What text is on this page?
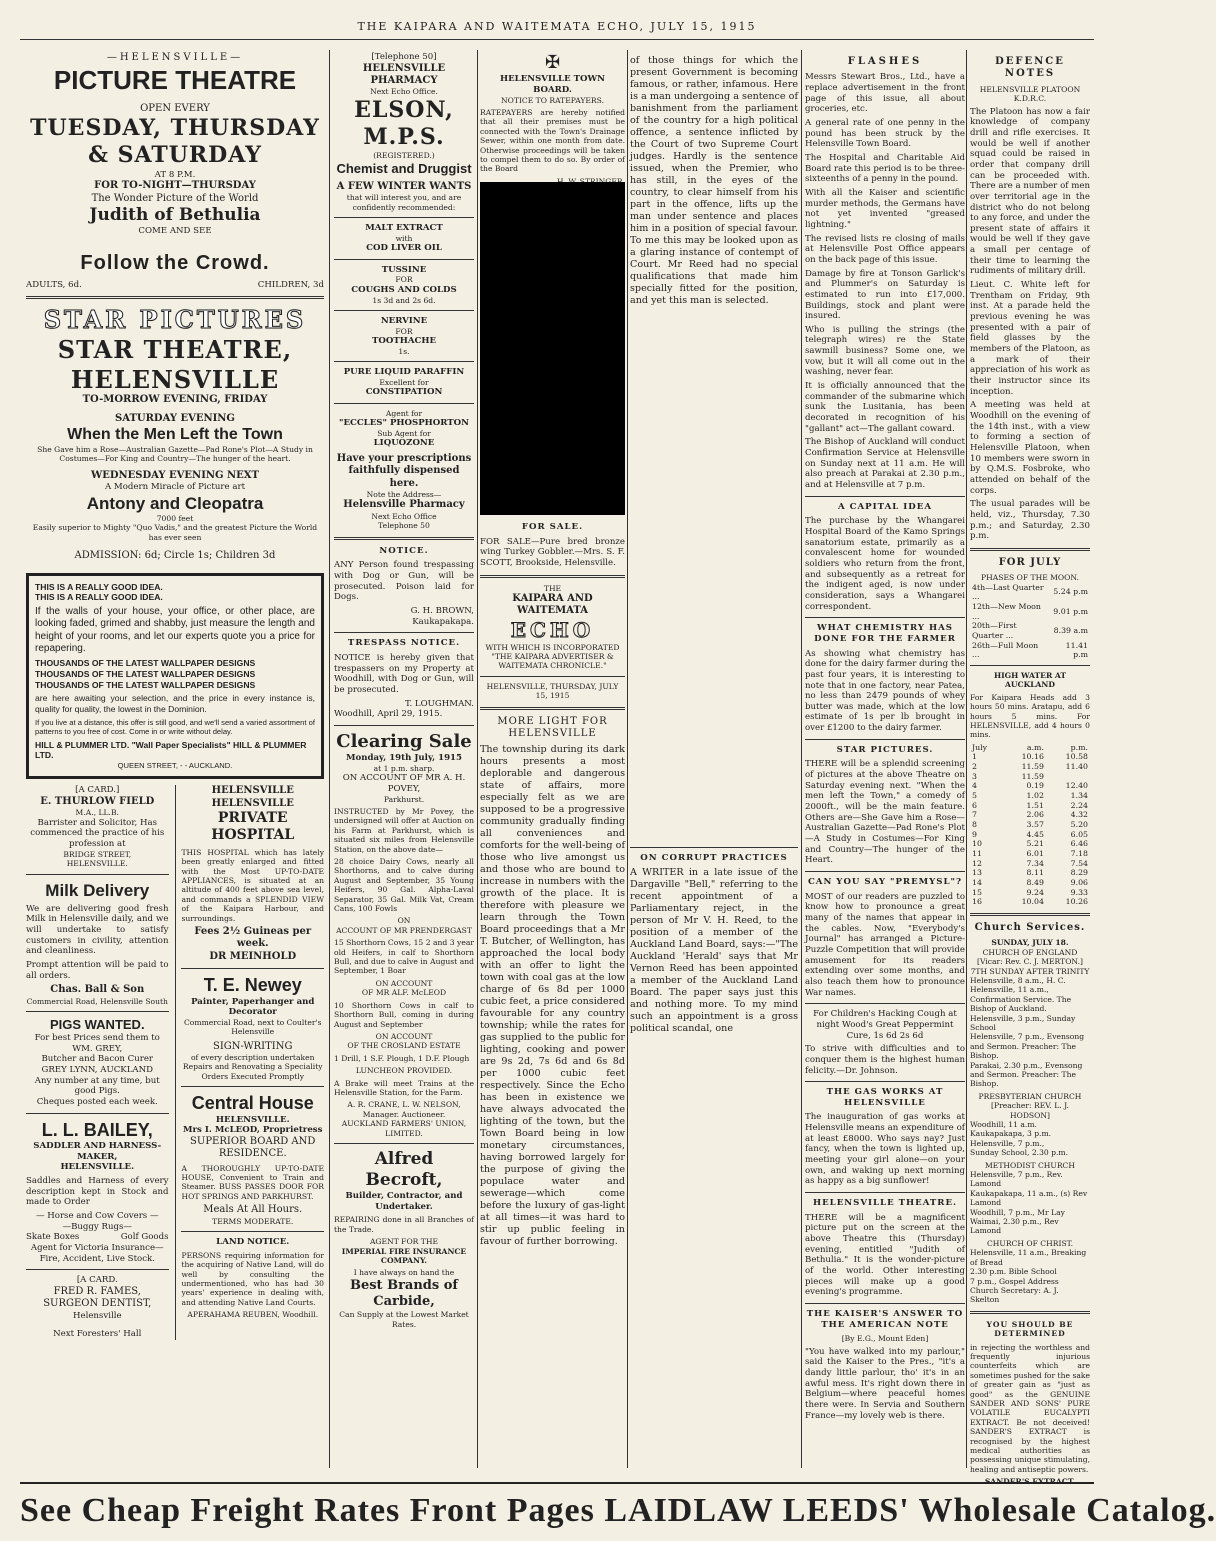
THE KAIPARA AND WAITEMATA ECHO, JULY 15, 1915
—HELENSVILLE—
PICTURE THEATRE
OPEN EVERY
TUESDAY, THURSDAY & SATURDAY
AT 8 P.M.
FOR TO-NIGHT—THURSDAY
The Wonder Picture of the World
Judith of Bethulia
COME AND SEE
Follow the Crowd.
ADULTS, 6d.	CHILDREN, 3d
STAR PICTURES
STAR THEATRE, HELENSVILLE
TO-MORROW EVENING, FRIDAY
SATURDAY EVENING
When the Men Left the Town
She Gave him a Rose—Australian Gazette—Pad Rone's Plot—A Study in Costumes—For King and Country—The hunger of the heart.
WEDNESDAY EVENING NEXT
A Modern Miracle of Picture art
Antony and Cleopatra
7000 feet
Easily superior to Mighty "Quo Vadis," and the greatest Picture the World has ever seen
ADMISSION: 6d; Circle 1s; Children 3d
THIS IS A REALLY GOOD IDEA.
THIS IS A REALLY GOOD IDEA.

If the walls of your house, your office, or other place, are looking faded, grimed and shabby, just measure the length and height of your rooms, and let our experts quote you a price for repapering.

THOUSANDS OF THE LATEST WALLPAPER DESIGNS
THOUSANDS OF THE LATEST WALLPAPER DESIGNS
THOUSANDS OF THE LATEST WALLPAPER DESIGNS

are here awaiting your selection, and the price in every instance is, quality for quality, the lowest in the Dominion.

If you live at a distance, this offer is still good, and we'll send a varied assortment of patterns to you free of cost. Come in or write without delay.

HILL & PLUMMER LTD. "Wall Paper Specialists" HILL & PLUMMER LTD.
QUEEN STREET, - - AUCKLAND.
[A CARD.]
E. THURLOW FIELD
M.A., LL.B.
Barrister and Solicitor, Has commenced the practice of his profession at
BRIDGE STREET,
HELENSVILLE.
Milk Delivery

We are delivering good fresh Milk in Helensville daily, and we will undertake to satisfy customers in civility, attention and cleanliness.

Prompt attention will be paid to all orders.

Chas. Ball & Son
Commercial Road, Helensville South
PIGS WANTED.
For best Prices send them to
WM. GREY,
Butcher and Bacon Curer
GREY LYNN, AUCKLAND
Any number at any time, but good Pigs.
Cheques posted each week.
L. L. BAILEY,
SADDLER AND HARNESS-MAKER,
HELENSVILLE.

Saddles and Harness of every description kept in Stock and made to Order

— Horse and Cow Covers —
—Buggy Rugs—
Skate Boxes	Golf Goods
Agent for Victoria Insurance—Fire, Accident, Live Stock.
[A CARD.
FRED R. FAMES,
SURGEON DENTIST,
Helensville
Next Foresters' Hall
HELENSVILLE HELENSVILLE
PRIVATE HOSPITAL

THIS HOSPITAL which has lately been greatly enlarged and fitted with the Most UP-TO-DATE APPLIANCES, is situated at an altitude of 400 feet above sea level, and commands a SPLENDID VIEW of the Kaipara Harbour, and surroundings.

Fees 2½ Guineas per week.
DR MEINHOLD
T. E. Newey
Painter, Paperhanger and Decorator
Commercial Road, next to Coulter's Helensville
SIGN-WRITING
of every description undertaken
Repairs and Renovating a Speciality
Orders Executed Promptly
Central House
HELENSVILLE.
Mrs I. McLEOD, Proprietress
SUPERIOR BOARD AND RESIDENCE.

A THOROUGHLY UP-TO-DATE HOUSE, Convenient to Train and Steamer. BUSS PASSES DOOR FOR HOT SPRINGS AND PARKHURST.

Meals At All Hours.
TERMS MODERATE.
LAND NOTICE.

PERSONS requiring information for the acquiring of Native Land, will do well by consulting the undermentioned, who has had 30 years' experience in dealing with, and attending Native Land Courts.

APERAHAMA REUBEN, Woodhill.
[Telephone 50]
HELENSVILLE PHARMACY
Next Echo Office.
ELSON, M.P.S.
(REGISTERED.)
Chemist and Druggist
A FEW WINTER WANTS
that will interest you, and are confidently recommended:
MALT EXTRACT
with
COD LIVER OIL
TUSSINE
FOR
COUGHS AND COLDS
1s 3d and 2s 6d.
NERVINE
FOR
TOOTHACHE
1s.
PURE LIQUID PARAFFIN
Excellent for
CONSTIPATION
Agent for
"ECCLES" PHOSPHORTON
Sub Agent for
LIQUOZONE
Have your prescriptions faithfully dispensed here.
Note the Address—
Helensville Pharmacy
Next Echo Office
Telephone 50
NOTICE.

ANY Person found trespassing with Dog or Gun, will be prosecuted. Poison laid for Dogs.

G. H. BROWN,
Kaukapakapa.
TRESPASS NOTICE.

NOTICE is hereby given that trespassers on my Property at Woodhill, with Dog or Gun, will be prosecuted.

T. LOUGHMAN.
Woodhill, April 29, 1915.
Clearing Sale
Monday, 19th July, 1915
at 1 p.m. sharp.
ON ACCOUNT OF MR A. H. POVEY,
Parkhurst.

INSTRUCTED by Mr Povey, the undersigned will offer at Auction on his Farm at Parkhurst, which is situated six miles from Helensville Station, on the above date—

28 choice Dairy Cows, nearly all Shorthorns, and to calve during August and September, 35 Young Heifers, 90 Gal. Alpha-Laval Separator, 35 Gal. Milk Vat, Cream Cans, 100 Fowls

ON
ACCOUNT OF MR PRENDERGAST

15 Shorthorn Cows, 15 2 and 3 year old Heifers, in calf to Shorthorn Bull, and due to calve in August and September, 1 Boar

ON ACCOUNT
OF MR ALF. McLEOD

10 Shorthorn Cows in calf to Shorthorn Bull, coming in during August and September

ON ACCOUNT
OF THE CROSLAND ESTATE

1 Drill, 1 S.F. Plough, 1 D.F. Plough

LUNCHEON PROVIDED.

A Brake will meet Trains at the Helensville Station, for the Farm.

A. R. CRANE, L. W. NELSON, Manager. Auctioneer.
AUCKLAND FARMERS' UNION, LIMITED.
Alfred Becroft,
Builder, Contractor, and Undertaker.

REPAIRING done in all Branches of the Trade.

AGENT FOR THE
IMPERIAL FIRE INSURANCE COMPANY.
I have always on hand the
Best Brands of Carbide,
Can Supply at the Lowest Market Rates.
✠
HELENSVILLE TOWN BOARD.
NOTICE TO RATEPAYERS.

RATEPAYERS are hereby notified that all their premises must be connected with the Town's Drainage Sewer, within one month from date. Otherwise proceedings will be taken to compel them to do so. By order of the Board

FOR SALE.

FOR SALE—Pure bred bronze wing Turkey Gobbler.—Mrs. S. F. SCOTT, Brookside, Helensville.

THE
KAIPARA AND WAITEMATA
ECHO
WITH WHICH IS INCORPORATED "THE KAIPARA ADVERTISER & WAITEMATA CHRONICLE."
HELENSVILLE, THURSDAY, JULY 15, 1915
MORE LIGHT FOR HELENSVILLE

The township during its dark hours presents a most deplorable and dangerous state of affairs, more especially felt as we are supposed to be a progressive community gradually finding all conveniences and comforts for the well-being of those who live amongst us and those who are bound to increase in numbers with the growth of the place. It is therefore with pleasure we learn through the Town Board proceedings that a Mr T. Butcher, of Wellington, has approached the local body with an offer to light the town with coal gas at the low charge of 6s 8d per 1000 cubic feet, a price considered favourable for any country township; while the rates for gas supplied to the public for lighting, cooking and power are 9s 2d, 7s 6d and 6s 8d per 1000 cubic feet respectively. Since the Echo has been in existence we have always advocated the lighting of the town, but the Town Board being in low monetary circumstances, having borrowed largely for the purpose of giving the populace water and sewerage—which come before the luxury of gas-light at all times—it was hard to stir up public feeling in favour of further borrowing.

of those things for which the present Government is becoming famous, or rather, infamous. Here is a man undergoing a sentence of banishment from the parliament of the country for a high political offence, a sentence inflicted by the Court of two Supreme Court judges. Hardly is the sentence issued, when the Premier, who has still, in the eyes of the country, to clear himself from his part in the offence, lifts up the man under sentence and places him in a position of special favour. To me this may be looked upon as a glaring instance of contempt of Court. Mr Reed had no special qualifications that made him specially fitted for the position, and yet this man is selected.

ON CORRUPT PRACTICES

A WRITER in a late issue of the Dargaville "Bell," referring to the recent appointment of a Parliamentary reject, in the person of Mr V. H. Reed, to the position of a member of the Auckland Land Board, says:—"The Auckland 'Herald' says that Mr Vernon Reed has been appointed a member of the Auckland Land Board. The paper says just this and nothing more. To my mind such an appointment is a gross political scandal, one

FLASHES

Messrs Stewart Bros., Ltd., have a replace advertisement in the front page of this issue, all about groceries, etc.

A general rate of one penny in the pound has been struck by the Helensville Town Board.

The Hospital and Charitable Aid Board rate this period is to be three-sixteenths of a penny in the pound.

With all the Kaiser and scientific murder methods, the Germans have not yet invented "greased lightning."

The revised lists re closing of mails at Helensville Post Office appears on the back page of this issue.

Damage by fire at Tonson Garlick's and Plummer's on Saturday is estimated to run into £17,000. Buildings, stock and plant were insured.

Who is pulling the strings (the telegraph wires) re the State sawmill business? Some one, we vow, but it will all come out in the washing, never fear.

It is officially announced that the commander of the submarine which sunk the Lusitania, has been decorated in recognition of his "gallant" act—The gallant coward.

The Bishop of Auckland will conduct Confirmation Service at Helensville on Sunday next at 11 a.m. He will also preach at Parakai at 2.30 p.m., and at Helensville at 7 p.m.

A CAPITAL IDEA

The purchase by the Whangarei Hospital Board of the Kamo Springs sanatorium estate, primarily as a convalescent home for wounded soldiers who return from the front, and subsequently as a retreat for the indigent aged, is now under consideration, says a Whangarei correspondent.

WHAT CHEMISTRY HAS DONE FOR THE FARMER

As showing what chemistry has done for the dairy farmer during the past four years, it is interesting to note that in one factory, near Patea, no less than 2479 pounds of whey butter was made, which at the low estimate of 1s per lb brought in over £1200 to the dairy farmer.

STAR PICTURES.

THERE will be a splendid screening of pictures at the above Theatre on Saturday evening next. "When the men left the Town," a comedy of 2000ft., will be the main feature. Others are—She Gave him a Rose—Australian Gazette—Pad Rone's Plot—A Study in Costumes—For King and Country—The hunger of the Heart.

CAN YOU SAY "PREMYSL"?

MOST of our readers are puzzled to know how to pronounce a great many of the names that appear in the cables. Now, "Everybody's Journal" has arranged a Picture-Puzzle Competition that will provide amusement for its readers extending over some months, and also teach them how to pronounce War names.

For Children's Hacking Cough at night Wood's Great Peppermint Cure, 1s 6d 2s 6d

To strive with difficulties and to conquer them is the highest human felicity.—Dr. Johnson.

THE GAS WORKS AT HELENSVILLE

The inauguration of gas works at Helensville means an expenditure of at least £8000. Who says nay? Just fancy, when the town is lighted up, meeting your girl alone—on your own, and waking up next morning as happy as a big sunflower!

HELENSVILLE THEATRE.

THERE will be a magnificent picture put on the screen at the above Theatre this (Thursday) evening, entitled "Judith of Bethulia." It is the wonder-picture of the world. Other interesting pieces will make up a good evening's programme.

THE KAISER'S ANSWER TO THE AMERICAN NOTE
[By E.G., Mount Eden]

"You have walked into my parlour," said the Kaiser to the Pres., "it's a dandy little parlour, tho' it's in an awful mess. It's right down there in Belgium—where peaceful homes there were. In Servia and Southern France—my lovely web is there.

DEFENCE NOTES
HELENSVILLE PLATOON K.D.R.C.

The Platoon has now a fair knowledge of company drill and rifle exercises. It would be well if another squad could be raised in order that company drill can be proceeded with. There are a number of men over territorial age in the district who do not belong to any force, and under the present state of affairs it would be well if they gave a small per centage of their time to learning the rudiments of military drill.

Lieut. C. White left for Trentham on Friday, 9th inst. At a parade held the previous evening he was presented with a pair of field glasses by the members of the Platoon, as a mark of their appreciation of his work as their instructor since its inception.

A meeting was held at Woodhill on the evening of the 14th inst., with a view to forming a section of Helensville Platoon, when 10 members were sworn in by Q.M.S. Fosbroke, who attended on behalf of the corps.

The usual parades will be held, viz., Thursday, 7.30 p.m.; and Saturday, 2.30 p.m.

FOR JULY
PHASES OF THE MOON.
4th—Last Quarter ...	5.24 p.m
12th—New Moon ...	9.01 p.m
20th—First Quarter ...	8.39 a.m
26th—Full Moon ...	11.41 p.m
HIGH WATER AT AUCKLAND

For Kaipara Heads add 3 hours 50 mins. Aratapu, add 6 hours 5 mins. For HELENSVILLE, add 4 hours 0 mins.

July	a.m.	p.m.
1	10.16	10.58
2	11.59	11.40
3	11.59	
4	0.19	12.40
5	1.02	1.34
6	1.51	2.24
7	2.06	4.32
8	3.57	5.20
9	4.45	6.05
10	5.21	6.46
11	6.01	7.18
12	7.34	7.54
13	8.11	8.29
14	8.49	9.06
15	9.24	9.33
16	10.04	10.26
Church Services.
SUNDAY, JULY 18.
CHURCH OF ENGLAND
[Vicar: Rev. C. J. MERTON.]
7TH SUNDAY AFTER TRINITY
Helensville, 8 a.m., H. C.
Helensville, 11 a.m., Confirmation Service. The Bishop of Auckland.
Helensville, 3 p.m., Sunday School
Helensville, 7 p.m., Evensong and Sermon. Preacher: The Bishop.
Parakai, 2.30 p.m., Evensong and Sermon. Preacher: The Bishop.
PRESBYTERIAN CHURCH
[Preacher: REV. L. J. HODSON]
Woodhill, 11 a.m.
Kaukapakapa, 3 p.m.
Helensville, 7 p.m.,
Sunday School, 2.30 p.m.
METHODIST CHURCH
Helensville, 7 p.m., Rev. Lamond
Kaukapakapa, 11 a.m., (s) Rev Lamond
Woodhill, 7 p.m., Mr Lay
Waimai, 2.30 p.m., Rev Lamond
CHURCH OF CHRIST.
Helensville, 11 a.m., Breaking of Bread
2.30 p.m. Bible School
7 p.m., Gospel Address
Church Secretary: A. J. Skelton
YOU SHOULD BE DETERMINED

in rejecting the worthless and frequently injurious counterfeits which are sometimes pushed for the sake of greater gain as "just as good" as the GENUINE SANDER AND SONS' PURE VOLATILE EUCALYPTI EXTRACT. Be not deceived! SANDER'S EXTRACT is recognised by the highest medical authorities as possessing unique stimulating, healing and antiseptic powers.

SANDER'S EXTRACT.
See Cheap Freight Rates Front Pages LAIDLAW LEEDS' Wholesale Catalog.
